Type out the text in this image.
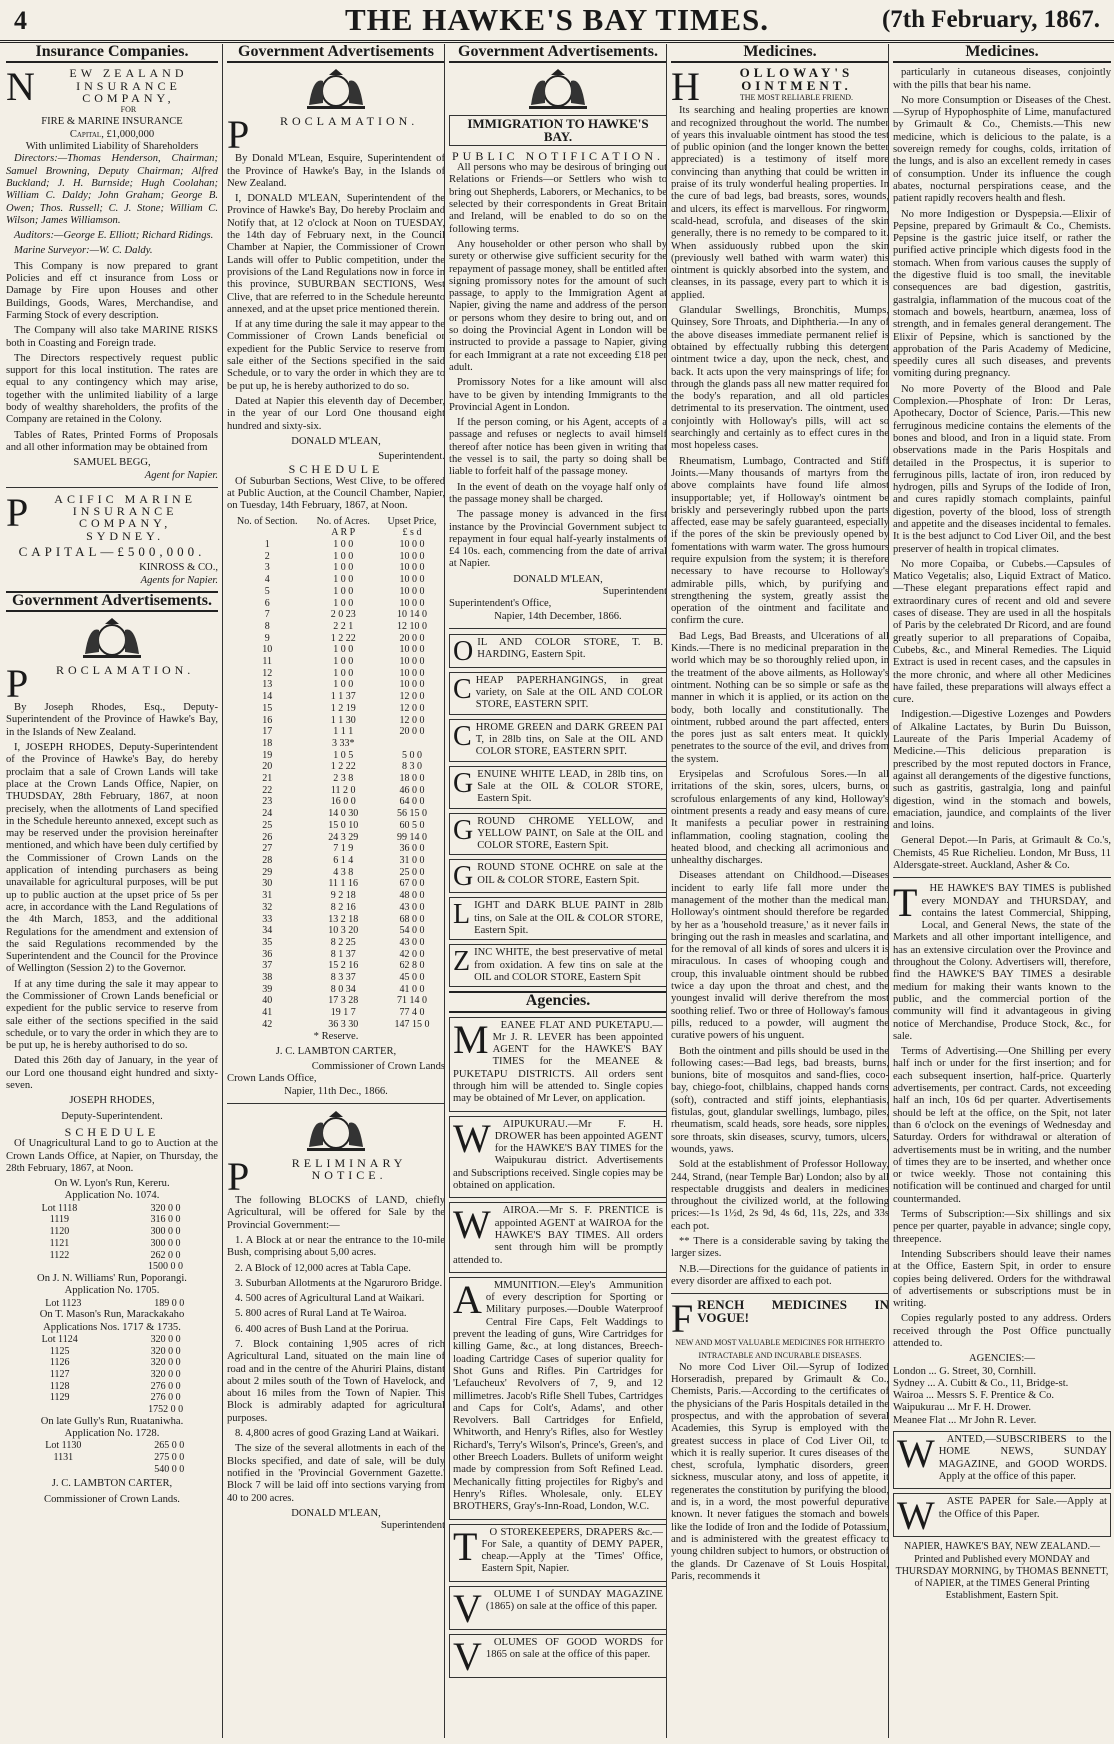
4	THE HAWKE'S BAY TIMES.	(7th February, 1867.
Insurance Companies.
N	EW ZEALAND INSURANCE COMPANY,
FOR
FIRE & MARINE INSURANCE
Capital, £1,000,000
With unlimited Liability of Shareholders

Directors:—Thomas Henderson, Chairman; Samuel Browning, Deputy Chairman; Alfred Buckland; J. H. Burnside; Hugh Coolahan; William C. Daldy; John Graham; George B. Owen; Thos. Russell; C. J. Stone; William C. Wilson; James Williamson.

Auditors:—George E. Elliott; Richard Ridings.

Marine Surveyor:—W. C. Daldy.

This Company is now prepared to grant Policies and eff ct insurance from Loss or Damage by Fire upon Houses and other Buildings, Goods, Wares, Merchandise, and Farming Stock of every description.

The Company will also take MARINE RISKS both in Coasting and Foreign trade.

The Directors respectively request public support for this local institution. The rates are equal to any contingency which may arise, together with the unlimited liability of a large body of wealthy shareholders, the profits of the Company are retained in the Colony.

Tables of Rates, Printed Forms of Proposals and all other information may be obtained from

SAMUEL BEGG,
Agent for Napier.
P	ACIFIC MARINE INSURANCE COMPANY,
SYDNEY.
CAPITAL—£500,000.
KINROSS & CO.,
Agents for Napier.
Government Advertisements.
P	ROCLAMATION.

By Joseph Rhodes, Esq., Deputy-Superintendent of the Province of Hawke's Bay, in the Islands of New Zealand.

I, JOSEPH RHODES, Deputy-Superintendent of the Province of Hawke's Bay, do hereby proclaim that a sale of Crown Lands will take place at the Crown Lands Office, Napier, on THUDSDAY, 28th February, 1867, at noon precisely, when the allotments of Land specified in the Schedule hereunto annexed, except such as may be reserved under the provision hereinafter mentioned, and which have been duly certified by the Commissioner of Crown Lands on the application of intending purchasers as being unavailable for agricultural purposes, will be put up to public auction at the upset price of 5s per acre, in accordance with the Land Regulations of the 4th March, 1853, and the additional Regulations for the amendment and extension of the said Regulations recommended by the Superintendent and the Council for the Province of Wellington (Session 2) to the Governor.

If at any time during the sale it may appear to the Commissioner of Crown Lands beneficial or expedient for the public service to reserve from sale either of the sections specified in the said schedule, or to vary the order in which they are to be put up, he is hereby authorised to do so.

Dated this 26th day of January, in the year of our Lord one thousand eight hundred and sixty-seven.

JOSEPH RHODES,
Deputy-Superintendent.
SCHEDULE

Of Unagricultural Land to go to Auction at the Crown Lands Office, at Napier, on Thursday, the 28th February, 1867, at Noon.

On W. Lyon's Run, Kereru.
Application No. 1074.
Lot 1118	320 0 0
1119	316 0 0
1120	300 0 0
1121	300 0 0
1122	262 0 0
	1500 0 0
On J. N. Williams' Run, Poporangi.
Application No. 1705.
Lot 1123	189 0 0
On T. Mason's Run, Marackakaho
Applications Nos. 1717 & 1735.
Lot 1124	320 0 0
1125	320 0 0
1126	320 0 0
1127	320 0 0
1128	276 0 0
1129	276 0 0
	1752 0 0
On late Gully's Run, Ruataniwha.
Application No. 1728.
Lot 1130	265 0 0
1131	275 0 0
	540 0 0
J. C. LAMBTON CARTER,
Commissioner of Crown Lands.
Government Advertisements
P	ROCLAMATION.

By Donald M'Lean, Esquire, Superintendent of the Province of Hawke's Bay, in the Islands of New Zealand.

I, DONALD M'LEAN, Superintendent of the Province of Hawke's Bay, Do hereby Proclaim and Notify that, at 12 o'clock at Noon on TUESDAY, the 14th day of February next, in the Council Chamber at Napier, the Commissioner of Crown Lands will offer to Public competition, under the provisions of the Land Regulations now in force in this province, SUBURBAN SECTIONS, West Clive, that are referred to in the Schedule hereunto annexed, and at the upset price mentioned therein.

If at any time during the sale it may appear to the Commissioner of Crown Lands beneficial or expedient for the Public Service to reserve from sale either of the Sections specified in the said Schedule, or to vary the order in which they are to be put up, he is hereby authorized to do so.

Dated at Napier this eleventh day of December, in the year of our Lord One thousand eight hundred and sixty-six.

DONALD M'LEAN,
Superintendent.
SCHEDULE

Of Suburban Sections, West Clive, to be offered at Public Auction, at the Council Chamber, Napier, on Tuesday, 14th February, 1867, at Noon.

No. of Section.	No. of Acres.	Upset Price,
	A R P	£ s d
1	1 0 0	10 0 0
2	1 0 0	10 0 0
3	1 0 0	10 0 0
4	1 0 0	10 0 0
5	1 0 0	10 0 0
6	1 0 0	10 0 0
7	2 0 23	10 14 0
8	2 2 1	12 10 0
9	1 2 22	20 0 0
10	1 0 0	10 0 0
11	1 0 0	10 0 0
12	1 0 0	10 0 0
13	1 0 0	10 0 0
14	1 1 37	12 0 0
15	1 2 19	12 0 0
16	1 1 30	12 0 0
17	1 1 1	20 0 0
18	3 33*	
19	1 0 5	5 0 0
20	1 2 22	8 3 0
21	2 3 8	18 0 0
22	11 2 0	46 0 0
23	16 0 0	64 0 0
24	14 0 30	56 15 0
25	15 0 10	60 5 0
26	24 3 29	99 14 0
27	7 1 9	36 0 0
28	6 1 4	31 0 0
29	4 3 8	25 0 0
30	11 1 16	67 0 0
31	9 2 18	48 0 0
32	8 2 16	43 0 0
33	13 2 18	68 0 0
34	10 3 20	54 0 0
35	8 2 25	43 0 0
36	8 1 37	42 0 0
37	15 2 16	62 8 0
38	8 3 37	45 0 0
39	8 0 34	41 0 0
40	17 3 28	71 14 0
41	19 1 7	77 4 0
42	36 3 30	147 15 0
* Reserve.
J. C. LAMBTON CARTER,
Commissioner of Crown Lands
Crown Lands Office,
Napier, 11th Dec., 1866.
P	RELIMINARY NOTICE.

The following BLOCKS of LAND, chiefly Agricultural, will be offered for Sale by the Provincial Government:—

1. A Block at or near the entrance to the 10-mile Bush, comprising about 5,00 acres.

2. A Block of 12,000 acres at Tabla Cape.

3. Suburban Allotments at the Ngaruroro Bridge.

4. 500 acres of Agricultural Land at Waikari.

5. 800 acres of Rural Land at Te Wairoa.

6. 400 acres of Bush Land at the Porirua.

7. Block containing 1,905 acres of rich Agricultural Land, situated on the main line of road and in the centre of the Ahuriri Plains, distant about 2 miles south of the Town of Havelock, and about 16 miles from the Town of Napier. This Block is admirably adapted for agricultural purposes.

8. 4,800 acres of good Grazing Land at Waikari.

The size of the several allotments in each of the Blocks specified, and date of sale, will be duly notified in the 'Provincial Government Gazette.' Block 7 will be laid off into sections varying from 40 to 200 acres.

DONALD M'LEAN,
Superintendent
Government Advertisements.
IMMIGRATION TO HAWKE'S BAY.
PUBLIC NOTIFICATION.

All persons who may be desirous of bringing out Relations or Friends—or Settlers who wish to bring out Shepherds, Laborers, or Mechanics, to be selected by their correspondents in Great Britain and Ireland, will be enabled to do so on the following terms.

Any householder or other person who shall by surety or otherwise give sufficient security for the repayment of passage money, shall be entitled after signing promissory notes for the amount of such passage, to apply to the Immigration Agent at Napier, giving the name and address of the person or persons whom they desire to bring out, and on so doing the Provincial Agent in London will be instructed to provide a passage to Napier, giving for each Immigrant at a rate not exceeding £18 per adult.

Promissory Notes for a like amount will also have to be given by intending Immigrants to the Provincial Agent in London.

If the person coming, or his Agent, accepts of a passage and refuses or neglects to avail himself thereof after notice has been given in writing that the vessel is to sail, the party so doing shall be liable to forfeit half of the passage money.

In the event of death on the voyage half only of the passage money shall be charged.

The passage money is advanced in the first instance by the Provincial Government subject to repayment in four equal half-yearly instalments of £4 10s. each, commencing from the date of arrival at Napier.

DONALD M'LEAN,
Superintendent
Superintendent's Office,
Napier, 14th December, 1866.
O IL AND COLOR STORE, T. B. HARDING, Eastern Spit.
C HEAP PAPERHANGINGS, in great variety, on Sale at the OIL AND COLOR STORE, EASTERN SPIT.
C HROME GREEN and DARK GREEN PAI T, in 28lb tins, on Sale at the OIL AND COLOR STORE, EASTERN SPIT.
G ENUINE WHITE LEAD, in 28lb tins, on Sale at the OIL & COLOR STORE, Eastern Spit.
G ROUND CHROME YELLOW, and YELLOW PAINT, on Sale at the OIL and COLOR STORE, Eastern Spit.
G ROUND STONE OCHRE on sale at the OIL & COLOR STORE, Eastern Spit.
L IGHT and DARK BLUE PAINT in 28lb tins, on Sale at the OIL & COLOR STORE, Eastern Spit.
Z INC WHITE, the best preservative of metal from oxidation. A few tins on sale at the OIL and COLOR STORE, Eastern Spit
Agencies.
M	EANEE FLAT AND PUKETAPU.—Mr J. R. LEVER has been appointed AGENT for the HAWKE'S BAY TIMES for the MEANEE & PUKETAPU DISTRICTS. All orders sent through him will be attended to. Single copies may be obtained of Mr Lever, on application.

W	AIPUKURAU.—Mr F. H. DROWER has been appointed AGENT for the HAWKE'S BAY TIMES for the Waipukurau district. Advertisements and Subscriptions received. Single copies may be obtained on application.

W	AIROA.—Mr S. F. PRENTICE is appointed AGENT at WAIROA for the HAWKE'S BAY TIMES. All orders sent through him will be promptly attended to.

A	MMUNITION.—Eley's Ammunition of every description for Sporting or Military purposes.—Double Waterproof Central Fire Caps, Felt Waddings to prevent the leading of guns, Wire Cartridges for killing Game, &c., at long distances, Breech-loading Cartridge Cases of superior quality for Shot Guns and Rifles. Pin Cartridges for 'Lefaucheux' Revolvers of 7, 9, and 12 millimetres. Jacob's Rifle Shell Tubes, Cartridges and Caps for Colt's, Adams', and other Revolvers. Ball Cartridges for Enfield, Whitworth, and Henry's Rifles, also for Westley Richard's, Terry's Wilson's, Prince's, Green's, and other Breech Loaders. Bullets of uniform weight made by compression from Soft Refined Lead. Mechanically fitting projectiles for Rigby's and Henry's Rifles. Wholesale, only. ELEY BROTHERS, Gray's-Inn-Road, London, W.C.

T	O STOREKEEPERS, DRAPERS &c.—For Sale, a quantity of DEMY PAPER, cheap.—Apply at the 'Times' Office, Eastern Spit, Napier.

V	OLUME I of SUNDAY MAGAZINE (1865) on sale at the office of this paper.

V	OLUMES OF GOOD WORDS for 1865 on sale at the office of this paper.

Medicines.
H	OLLOWAY'S OINTMENT.
THE MOST RELIABLE FRIEND.

Its searching and healing properties are known and recognized throughout the world. The number of years this invaluable ointment has stood the test of public opinion (and the longer known the better appreciated) is a testimony of itself more convincing than anything that could be written in praise of its truly wonderful healing properties. In the cure of bad legs, bad breasts, sores, wounds, and ulcers, its effect is marvellous. For ringworm, scald-head, scrofula, and diseases of the skin generally, there is no remedy to be compared to it. When assiduously rubbed upon the skin (previously well bathed with warm water) this ointment is quickly absorbed into the system, and cleanses, in its passage, every part to which it is applied.

Glandular Swellings, Bronchitis, Mumps, Quinsey, Sore Throats, and Diphtheria.—In any of the above diseases immediate permanent relief is obtained by effectually rubbing this detergent ointment twice a day, upon the neck, chest, and back. It acts upon the very mainsprings of life; for through the glands pass all new matter required for the body's reparation, and all old particles detrimental to its preservation. The ointment, used conjointly with Holloway's pills, will act so searchingly and certainly as to effect cures in the most hopeless cases.

Rheumatism, Lumbago, Contracted and Stiff Joints.—Many thousands of martyrs from the above complaints have found life almost insupportable; yet, if Holloway's ointment be briskly and perseveringly rubbed upon the parts affected, ease may be safely guaranteed, especially if the pores of the skin be previously opened by fomentations with warm water. The gross humours require expulsion from the system; it is therefore necessary to have recourse to Holloway's admirable pills, which, by purifying and strengthening the system, greatly assist the operation of the ointment and facilitate and confirm the cure.

Bad Legs, Bad Breasts, and Ulcerations of all Kinds.—There is no medicinal preparation in the world which may be so thoroughly relied upon, in the treatment of the above ailments, as Holloway's ointment. Nothing can be so simple or safe as the manner in which it is applied, or its action on the body, both locally and constitutionally. The ointment, rubbed around the part affected, enters the pores just as salt enters meat. It quickly penetrates to the source of the evil, and drives from the system.

Erysipelas and Scrofulous Sores.—In all irritations of the skin, sores, ulcers, burns, or scrofulous enlargements of any kind, Holloway's ointment presents a ready and easy means of cure. It manifests a peculiar power in restraining inflammation, cooling stagnation, cooling the heated blood, and checking all acrimonious and unhealthy discharges.

Diseases attendant on Childhood.—Diseases incident to early life fall more under the management of the mother than the medical man. Holloway's ointment should therefore be regarded by her as a 'household treasure,' as it never fails in bringing out the rash in measles and scarlatina, and for the removal of all kinds of sores and ulcers it is miraculous. In cases of whooping cough and croup, this invaluable ointment should be rubbed twice a day upon the throat and chest, and the youngest invalid will derive therefrom the most soothing relief. Two or three of Holloway's famous pills, reduced to a powder, will augment the curative powers of his unguent.

Both the ointment and pills should be used in the following cases:—Bad legs, bad breasts, burns, bunions, bite of mosquitos and sand-flies, coco-bay, chiego-foot, chilblains, chapped hands corns (soft), contracted and stiff joints, elephantiasis, fistulas, gout, glandular swellings, lumbago, piles, rheumatism, scald heads, sore heads, sore nipples, sore throats, skin diseases, scurvy, tumors, ulcers, wounds, yaws.

Sold at the establishment of Professor Holloway, 244, Strand, (near Temple Bar) London; also by all respectable druggists and dealers in medicines throughout the civilized world, at the following prices:—1s 1½d, 2s 9d, 4s 6d, 11s, 22s, and 33s each pot.

** There is a considerable saving by taking the larger sizes.

N.B.—Directions for the guidance of patients in every disorder are affixed to each pot.

F RENCH MEDICINES IN VOGUE!
NEW AND MOST VALUABLE MEDICINES FOR HITHERTO INTRACTABLE AND INCURABLE DISEASES.

No more Cod Liver Oil.—Syrup of Iodized Horseradish, prepared by Grimault & Co., Chemists, Paris.—According to the certificates of the physicians of the Paris Hospitals detailed in the prospectus, and with the approbation of several Academies, this Syrup is employed with the greatest success in place of Cod Liver Oil, to which it is really superior. It cures diseases of the chest, scrofula, lymphatic disorders, green sickness, muscular atony, and loss of appetite, it regenerates the constitution by purifying the blood, and is, in a word, the most powerful depurative known. It never fatigues the stomach and bowels like the Iodide of Iron and the Iodide of Potassium, and is administered with the greatest efficacy to young children subject to humors, or obstruction of the glands. Dr Cazenave of St Louis Hospital, Paris, recommends it

Medicines.

particularly in cutaneous diseases, conjointly with the pills that bear his name.

No more Consumption or Diseases of the Chest.—Syrup of Hypophosphite of Lime, manufactured by Grimault & Co., Chemists.—This new medicine, which is delicious to the palate, is a sovereign remedy for coughs, colds, irritation of the lungs, and is also an excellent remedy in cases of consumption. Under its influence the cough abates, nocturnal perspirations cease, and the patient rapidly recovers health and flesh.

No more Indigestion or Dyspepsia.—Elixir of Pepsine, prepared by Grimault & Co., Chemists. Pepsine is the gastric juice itself, or rather the purified active principle which digests food in the stomach. When from various causes the supply of the digestive fluid is too small, the inevitable consequences are bad digestion, gastritis, gastralgia, inflammation of the mucous coat of the stomach and bowels, heartburn, anæmea, loss of strength, and in females general derangement. The Elixir of Pepsine, which is sanctioned by the approbation of the Paris Academy of Medicine, speedily cures all such diseases, and prevents vomiting during pregnancy.

No more Poverty of the Blood and Pale Complexion.—Phosphate of Iron: Dr Leras, Apothecary, Doctor of Science, Paris.—This new ferruginous medicine contains the elements of the bones and blood, and Iron in a liquid state. From observations made in the Paris Hospitals and detailed in the Prospectus, it is superior to ferruginous pills, lactate of iron, iron reduced by hydrogen, pills and Syrups of the Iodide of Iron, and cures rapidly stomach complaints, painful digestion, poverty of the blood, loss of strength and appetite and the diseases incidental to females. It is the best adjunct to Cod Liver Oil, and the best preserver of health in tropical climates.

No more Copaiba, or Cubebs.—Capsules of Matico Vegetalis; also, Liquid Extract of Matico.—These elegant preparations effect rapid and extraordinary cures of recent and old and severe cases of disease. They are used in all the hospitals of Paris by the celebrated Dr Ricord, and are found greatly superior to all preparations of Copaiba, Cubebs, &c., and Mineral Remedies. The Liquid Extract is used in recent cases, and the capsules in the more chronic, and where all other Medicines have failed, these preparations will always effect a cure.

Indigestion.—Digestive Lozenges and Powders of Alkaline Lactates, by Burin Du Buisson, Laureate of the Paris Imperial Academy of Medicine.—This delicious preparation is prescribed by the most reputed doctors in France, against all derangements of the digestive functions, such as gastritis, gastralgia, long and painful digestion, wind in the stomach and bowels, emaciation, jaundice, and complaints of the liver and loins.

General Depot.—In Paris, at Grimault & Co.'s, Chemists, 45 Rue Richelieu. London, Mr Buss, 11 Aldersgate-street. Auckland, Asher & Co.

T	HE HAWKE'S BAY TIMES is published every MONDAY and THURSDAY, and contains the latest Commercial, Shipping, Local, and General News, the state of the Markets and all other important intelligence, and has an extensive circulation over the Province and throughout the Colony. Advertisers will, therefore, find the HAWKE'S BAY TIMES a desirable medium for making their wants known to the public, and the commercial portion of the community will find it advantageous in giving notice of Merchandise, Produce Stock, &c., for sale.

Terms of Advertising.—One Shilling per every half inch or under for the first insertion; and for each subsequent insertion, half-price. Quarterly advertisements, per contract. Cards, not exceeding half an inch, 10s 6d per quarter. Advertisements should be left at the office, on the Spit, not later than 6 o'clock on the evenings of Wednesday and Saturday. Orders for withdrawal or alteration of advertisements must be in writing, and the number of times they are to be inserted, and whether once or twice weekly. Those not containing this notification will be continued and charged for until countermanded.

Terms of Subscription:—Six shillings and six pence per quarter, payable in advance; single copy, threepence.

Intending Subscribers should leave their names at the Office, Eastern Spit, in order to ensure copies being delivered. Orders for the withdrawal of advertisements or subscriptions must be in writing.

Copies regularly posted to any address. Orders received through the Post Office punctually attended to.

AGENCIES:—
London ... G. Street, 30, Cornhill.
Sydney ... A. Cubitt & Co., 11, Bridge-st.
Wairoa ... Messrs S. F. Prentice & Co.
Waipukurau ... Mr F. H. Drower.
Meanee Flat ... Mr John R. Lever.
W	ANTED,—SUBSCRIBERS to the HOME NEWS, SUNDAY MAGAZINE, and GOOD WORDS. Apply at the office of this paper.

W	ASTE PAPER for Sale.—Apply at the Office of this Paper.

NAPIER, HAWKE'S BAY, NEW ZEALAND.—Printed and Published every MONDAY and THURSDAY MORNING, by THOMAS BENNETT, of NAPIER, at the TIMES General Printing Establishment, Eastern Spit.
